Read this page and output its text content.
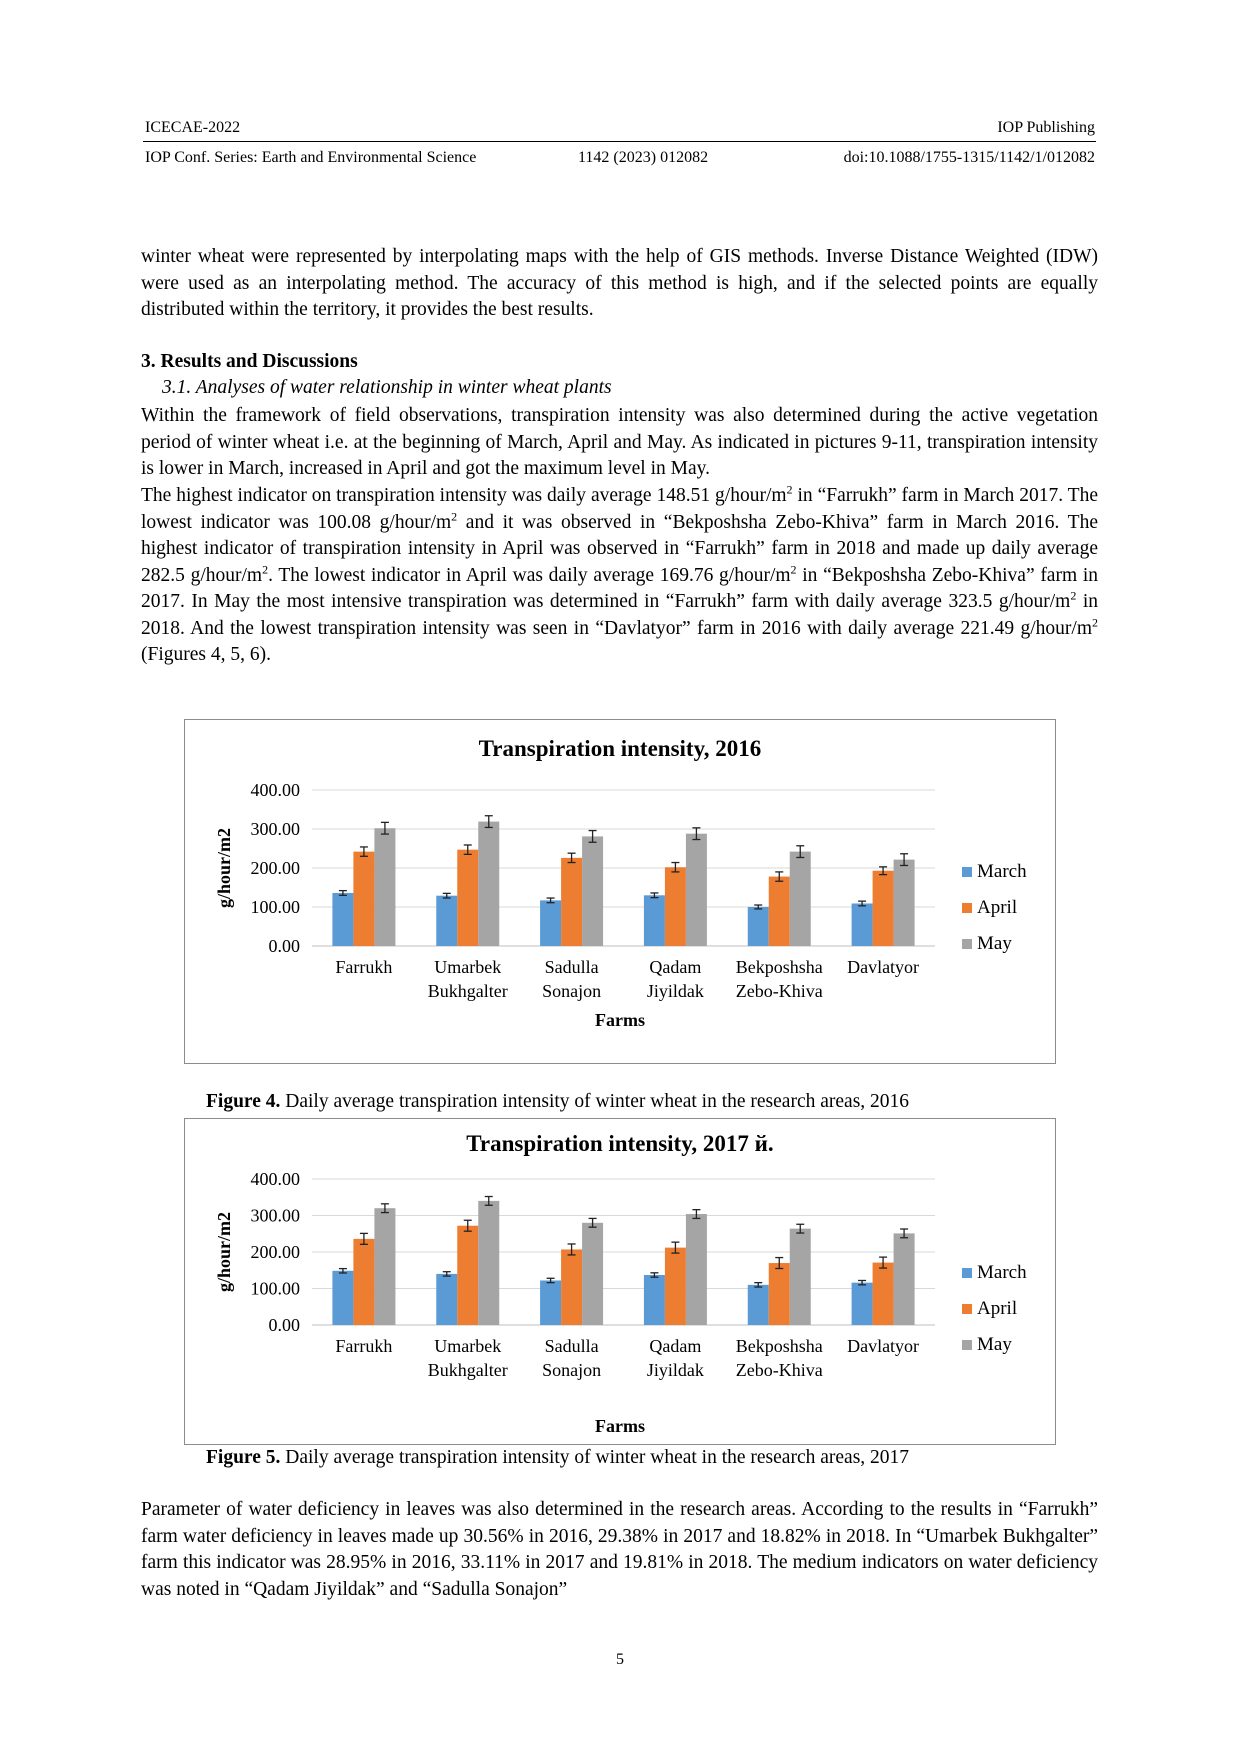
ICECAE-2022	IOP Publishing
IOP Conf. Series: Earth and Environmental Science	1142 (2023) 012082	doi:10.1088/1755-1315/1142/1/012082

winter wheat were represented by interpolating maps with the help of GIS methods. Inverse Distance Weighted (IDW) were used as an interpolating method. The accuracy of this method is high, and if the selected points are equally distributed within the territory, it provides the best results.

3. Results and Discussions
3.1. Analyses of water relationship in winter wheat plants

Within the framework of field observations, transpiration intensity was also determined during the active vegetation period of winter wheat i.e. at the beginning of March, April and May. As indicated in pictures 9-11, transpiration intensity is lower in March, increased in April and got the maximum level in May.

The highest indicator on transpiration intensity was daily average 148.51 $g/hour/m^2$ in “Farrukh” farm in March 2017. The lowest indicator was 100.08 $g/hour/m^2$ and it was observed in “Bekposhsha Zebo-Khiva” farm in March 2016. The highest indicator of transpiration intensity in April was observed in “Farrukh” farm in 2018 and made up daily average 282.5 $g/hour/m^2$. The lowest indicator in April was daily average 169.76 $g/hour/m^2$ in “Bekposhsha Zebo-Khiva” farm in 2017. In May the most intensive transpiration was determined in “Farrukh” farm with daily average 323.5 $g/hour/m^2$ in 2018. And the lowest transpiration intensity was seen in “Davlatyor” farm in 2016 with daily average 221.49 $g/hour/m^2$ (Figures 4, 5, 6).

Transpiration intensity, 2016
0.00
100.00
200.00
300.00
400.00
g/hour/m2
Farrukh Umarbek
Bukhgalter
Sadulla
Sonajon
Qadam
Jiyildak
Bekposhsha
Zebo-Khiva
Davlatyor
Farms
March
April
May
Figure 4. Daily average transpiration intensity of winter wheat in the research areas, 2016
Transpiration intensity, 2017 й.
0.00
100.00
200.00
300.00
400.00
g/hour/m2
Farrukh Umarbek
Bukhgalter
Sadulla
Sonajon
Qadam
Jiyildak
Bekposhsha
Zebo-Khiva
Davlatyor
Farms
March
April
May
Figure 5. Daily average transpiration intensity of winter wheat in the research areas, 2017

Parameter of water deficiency in leaves was also determined in the research areas. According to the results in “Farrukh” farm water deficiency in leaves made up 30.56% in 2016, 29.38% in 2017 and 18.82% in 2018. In “Umarbek Bukhgalter” farm this indicator was 28.95% in 2016, 33.11% in 2017 and 19.81% in 2018. The medium indicators on water deficiency was noted in “Qadam Jiyildak” and “Sadulla Sonajon”

5
